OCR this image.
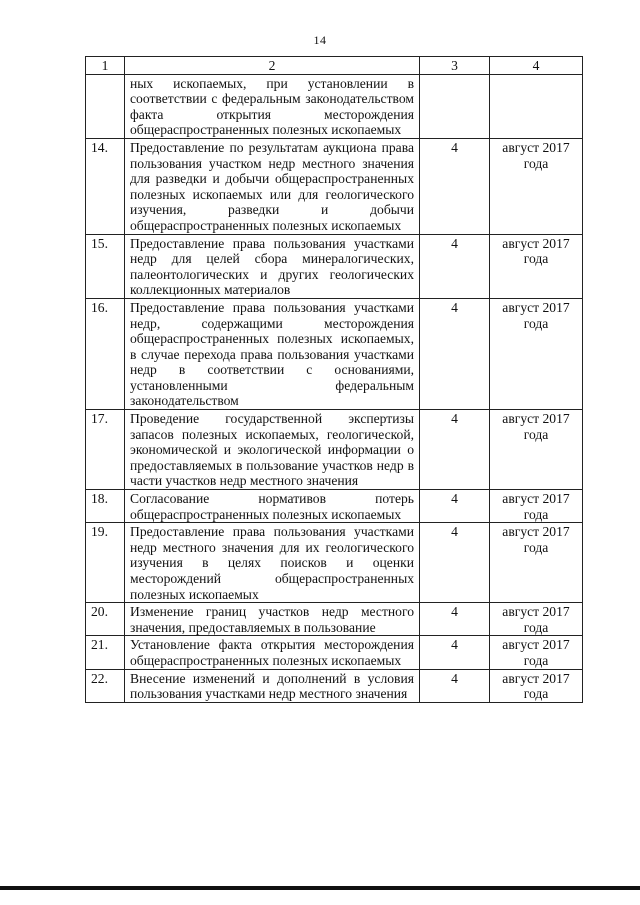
14
1	2	3	4
	ных ископаемых, при установлении в соответствии с федеральным законодательством факта открытия месторождения общераспространенных полезных ископаемых		
14.	Предоставление по результатам аукциона права пользования участком недр местного значения для разведки и добычи общераспространенных полезных ископаемых или для геологического изучения, разведки и добычи общераспространенных полезных ископаемых	4	август 2017 года
15.	Предоставление права пользования участками недр для целей сбора минералогических, палеонтологических и других геологических коллекционных материалов	4	август 2017 года
16.	Предоставление права пользования участками недр, содержащими месторождения общераспространенных полезных ископаемых, в случае перехода права пользования участками недр в соответствии с основаниями, установленными федеральным законодательством	4	август 2017 года
17.	Проведение государственной экспертизы запасов полезных ископаемых, геологической, экономической и экологической информации о предоставляемых в пользование участков недр в части участков недр местного значения	4	август 2017 года
18.	Согласование нормативов потерь общераспространенных полезных ископаемых	4	август 2017 года
19.	Предоставление права пользования участками недр местного значения для их геологического изучения в целях поисков и оценки месторождений общераспространенных полезных ископаемых	4	август 2017 года
20.	Изменение границ участков недр местного значения, предоставляемых в пользование	4	август 2017 года
21.	Установление факта открытия месторождения общераспространенных полезных ископаемых	4	август 2017 года
22.	Внесение изменений и дополнений в условия пользования участками недр местного значения	4	август 2017 года
